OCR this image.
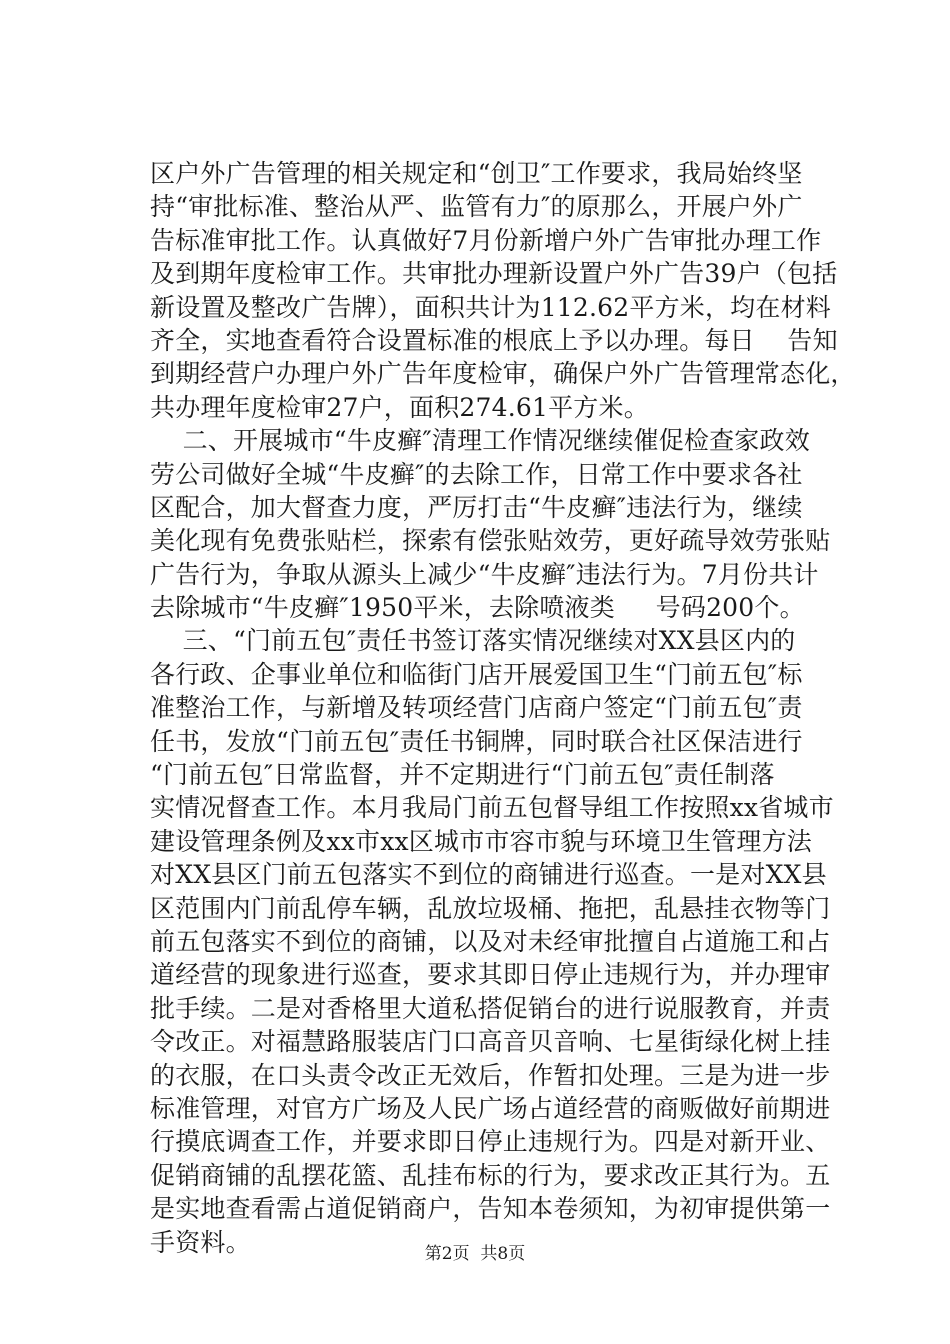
区户外广告管理的相关规定和“创卫″工作要求，我局始终坚
持“审批标准、整治从严、监管有力″的原那么，开展户外广
告标准审批工作。认真做好7月份新增户外广告审批办理工作
及到期年度检审工作。共审批办理新设置户外广告39户（包括
新设置及整改广告牌），面积共计为112.62平方米，均在材料
齐全，实地查看符合设置标准的根底上予以办理。每日    告知
到期经营户办理户外广告年度检审，确保户外广告管理常态化，
共办理年度检审27户，面积274.61平方米。
二、开展城市“牛皮癣″清理工作情况继续催促检查家政效
劳公司做好全城“牛皮癣″的去除工作，日常工作中要求各社
区配合，加大督查力度，严厉打击“牛皮癣″违法行为，继续
美化现有免费张贴栏，探索有偿张贴效劳，更好疏导效劳张贴
广告行为，争取从源头上减少“牛皮癣″违法行为。7月份共计
去除城市“牛皮癣″1950平米，去除喷液类     号码200个。
三、“门前五包″责任书签订落实情况继续对XX县区内的
各行政、企事业单位和临街门店开展爱国卫生“门前五包″标
准整治工作，与新增及转项经营门店商户签定“门前五包″责
任书，发放“门前五包″责任书铜牌，同时联合社区保洁进行
“门前五包″日常监督，并不定期进行“门前五包″责任制落
实情况督查工作。本月我局门前五包督导组工作按照xx省城市
建设管理条例及xx市xx区城市市容市貌与环境卫生管理方法
对XX县区门前五包落实不到位的商铺进行巡查。一是对XX县
区范围内门前乱停车辆，乱放垃圾桶、拖把，乱悬挂衣物等门
前五包落实不到位的商铺，以及对未经审批擅自占道施工和占
道经营的现象进行巡查，要求其即日停止违规行为，并办理审
批手续。二是对香格里大道私搭促销台的进行说服教育，并责
令改正。对福慧路服装店门口高音贝音响、七星街绿化树上挂
的衣服，在口头责令改正无效后，作暂扣处理。三是为进一步
标准管理，对官方广场及人民广场占道经营的商贩做好前期进
行摸底调查工作，并要求即日停止违规行为。四是对新开业、
促销商铺的乱摆花篮、乱挂布标的行为，要求改正其行为。五
是实地查看需占道促销商户，告知本卷须知，为初审提供第一
手资料。	第2页  共8页
